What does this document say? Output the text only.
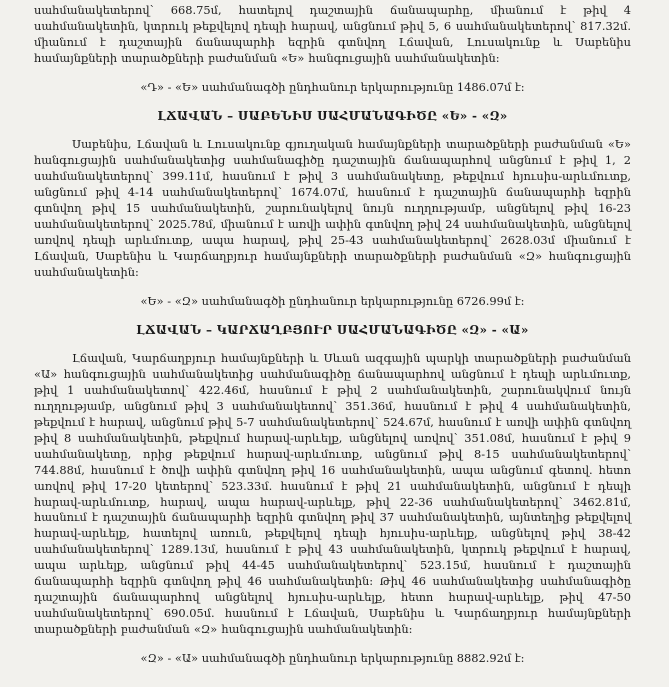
սահմանակետերով՝ 668.75մ, հատելով դաշտային ճանապարհը, միանում է թիվ 4 սահմանակետին, կտրուկ թեքվելով դեպի հարավ, անցնում թիվ 5, 6 սահմանակետերով՝ 817.32մ. միանում է դաշտային ճանապարհի եզրին գտնվող Լճավան, Լուսակունք և Սաբենիս համայնքների տարածքների բաժանման «Ե» հանգուցային սահմանակետին:

«Դ» - «Ե» սահմանագծի ընդհանուր երկարությունը 1486.07մ է:

ԼՃԱՎԱՆ – ՍԱԲԵՆԻՍ ՍԱՀՄԱՆԱԳԻԾԸ «Ե» - «Զ»

Սաբենիս, Լճավան և Լուսակունք գյուղական համայնքների տարածքների բաժանման «Ե» հանգուցային սահմանակետից սահմանագիծը դաշտային ճանապարհով անցնում է թիվ 1, 2 սահմանակետերով՝ 399.11մ, հասնում է թիվ 3 սահմանակետը, թեքվում հյուսիս-արևմուտք, անցնում թիվ 4-14 սահմանակետերով՝ 1674.07մ, հասնում է դաշտային ճանապարհի եզրին գտնվող թիվ 15 սահմանակետին, շարունակելով նույն ուղղությամբ, անցնելով թիվ 16-23 սահմանակետերով՝ 2025.78մ, միանում է առվի ափին գտնվող թիվ 24 սահմանակետին, անցնելով առվով դեպի արևմուտք, ապա հարավ, թիվ 25-43 սահմանակետերով՝ 2628.03մ միանում է Լճավան, Սաբենիս և Կարճաղբյուր համայնքների տարածքների բաժանման «Զ» հանգուցային սահմանակետին:

«Ե» - «Զ» սահմանագծի ընդհանուր երկարությունը 6726.99մ է:

ԼՃԱՎԱՆ – ԿԱՐՃԱՂԲՅՈՒՐ ՍԱՀՄԱՆԱԳԻԾԸ «Զ» - «Ա»

Լճավան, Կարճաղբյուր համայնքների և Սևան ազգային պարկի տարածքների բաժանման «Ա» հանգուցային սահմանակետից սահմանագիծը ճանապարհով անցնում է դեպի արևմուտք, թիվ 1 սահմանակետով՝ 422.46մ, հասնում է թիվ 2 սահմանակետին, շարունակվում նույն ուղղությամբ, անցնում թիվ 3 սահմանակետով՝ 351.36մ, հասնում է թիվ 4 սահմանակետին, թեքվում է հարավ, անցնում թիվ 5-7 սահմանակետերով՝ 524.67մ, հասնում է առվի ափին գտնվող թիվ 8 սահմանակետին, թեքվում հարավ-արևելք, անցնելով առվով՝ 351.08մ, հասնում է թիվ 9 սահմանակետը, որից թեքվում հարավ-արևմուտք, անցնում թիվ 8-15 սահմանակետերով՝ 744.88մ, հասնում է ծովի ափին գտնվող թիվ 16 սահմանակետին, ապա անցնում գետով. հետո առվով թիվ 17-20 կետերով՝ 523.33մ. հասնում է թիվ 21 սահմանակետին, անցնում է դեպի հարավ-արևմուտք, հարավ, ապա հարավ-արևելք, թիվ 22-36 սահմանակետերով՝ 3462.81մ, հասնում է դաշտային ճանապարհի եզրին գտնվող թիվ 37 սահմանակետին, այնտեղից թեքվելով հարավ-արևելք, հատելով առուն, թեքվելով դեպի հյուսիս-արևելք, անցնելով թիվ 38-42 սահմանակետերով՝ 1289.13մ, հասնում է թիվ 43 սահմանակետին, կտրուկ թեքվում է հարավ, ապա արևելք, անցնում թիվ 44-45 սահմանակետերով՝ 523.15մ, հասնում է դաշտային ճանապարհի եզրին գտնվող թիվ 46 սահմանակետին: Թիվ 46 սահմանակետից սահմանագիծը դաշտային ճանապարհով անցնելով հյուսիս-արևելք, հետո հարավ-արևելք, թիվ 47-50 սահմանակետերով՝ 690.05մ. հասնում է Լճավան, Սաբենիս և Կարճաղբյուր համայնքների տարածքների բաժանման «Զ» հանգուցային սահմանակետին:

«Զ» - «Ա» սահմանագծի ընդհանուր երկարությունը 8882.92մ է:
